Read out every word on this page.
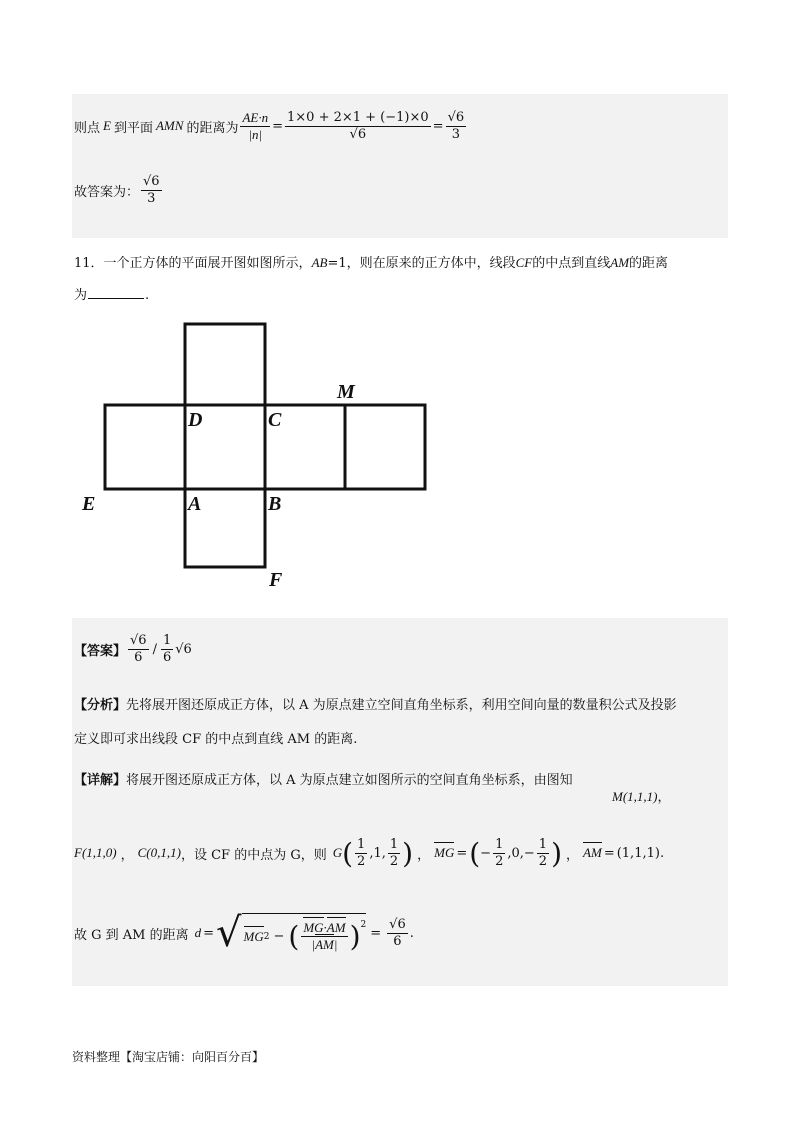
则点 E 到平面 AMN 的距离为 $\frac{AE\cdot n}{|n|} = \frac{1\times 0 + 2\times 1 + (-1)\times 0}{√6} = \frac{√6}{3}$
故答案为： $\frac{√6}{3}$
11．一个正方体的平面展开图如图所示，AB=1，则在原来的正方体中，线段CF的中点到直线AM的距离
为	.
M
D	C
E	A	B
F
【答案】 $\frac{√6}{6} / \frac{1}{6} √6$
【分析】先将展开图还原成正方体，以 A 为原点建立空间直角坐标系，利用空间向量的数量积公式及投影
定义即可求出线段 CF 的中点到直线 AM 的距离.
【详解】 将展开图还原成正方体，以 A 为原点建立如图所示的空间直角坐标系，由图知
M(1,1,1)，
F(1,1,0) ， C(0,1,1) ，设 CF 的中点为 G，则 G ( $\frac{1}{2} ,1$, $\frac{1}{2}$ ) ， MG = ( − $\frac{1}{2} ,0,- \frac{1}{2}$ ) ， AM = (1,1,1) .
故 G 到 AM 的距离 d = √ MG 2 − ( $\frac{MG\cdot AM}{|AM|} )^2$
= $\frac{√6}{6}$ .
资料整理【淘宝店铺：向阳百分百】
